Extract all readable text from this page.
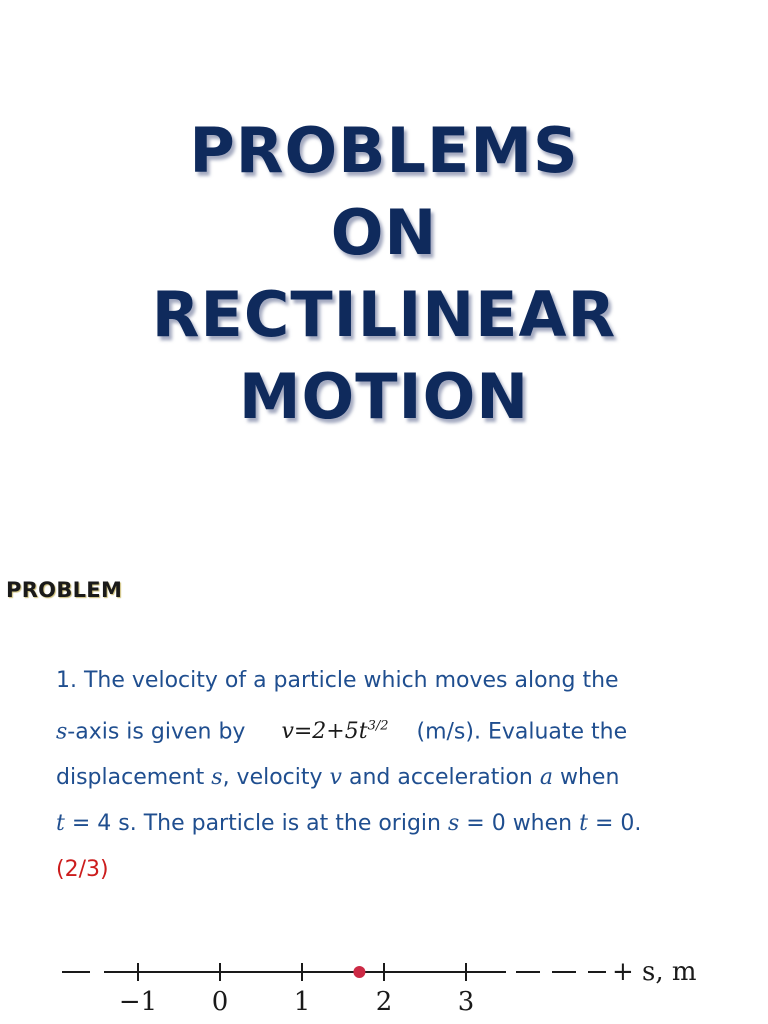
PROBLEMS
ON
RECTILINEAR
MOTION
PROBLEM
1. The velocity of a particle which moves along the
s-axis is given by $v=2+5t^{3/2}$ (m/s). Evaluate the
displacement s, velocity v and acceleration a when
t = 4 s. The particle is at the origin s = 0 when t = 0.
(2/3)
−1 0	1	2	3
+ s, m
